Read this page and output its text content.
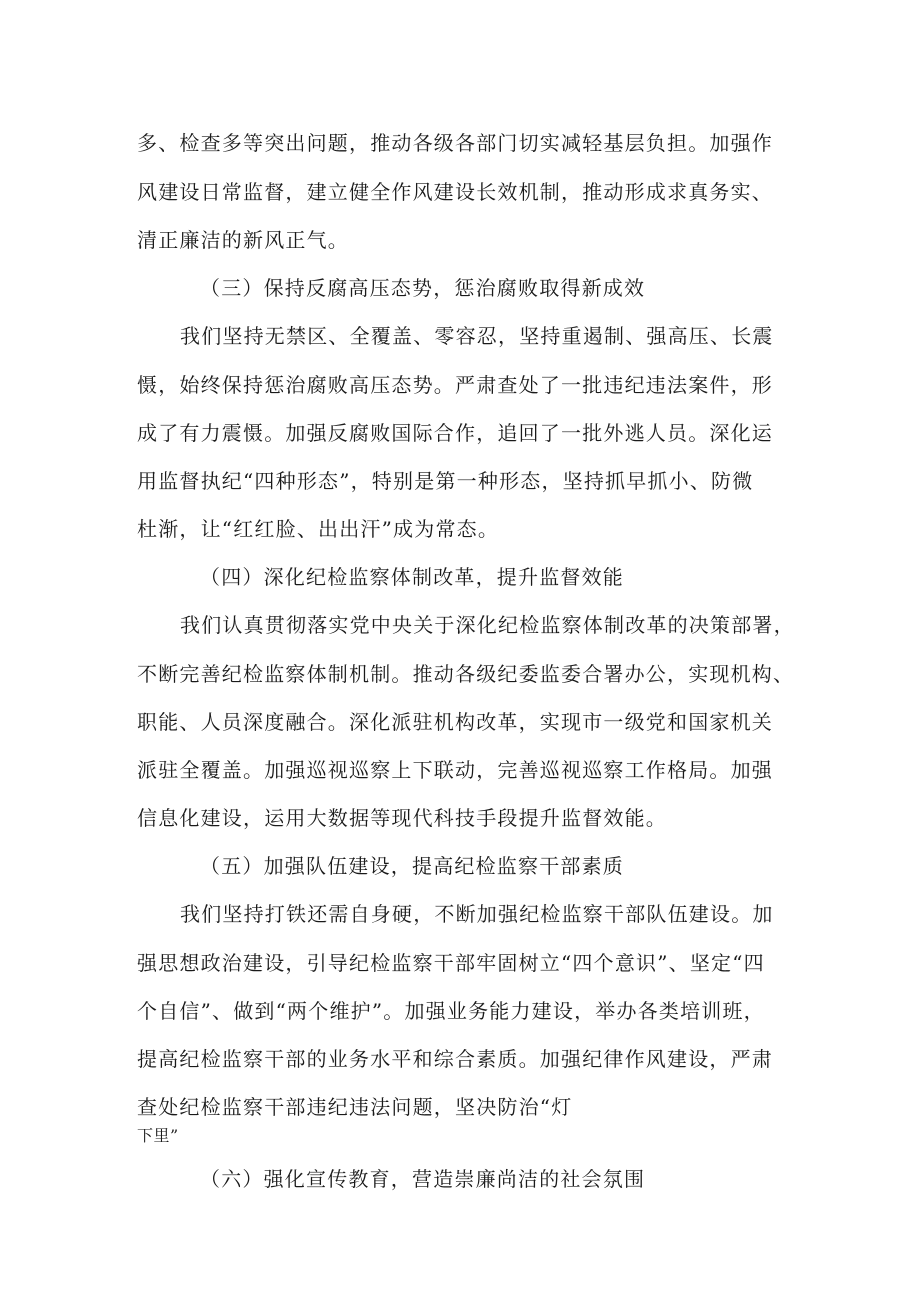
多、检查多等突出问题，推动各级各部门切实减轻基层负担。加强作
风建设日常监督，建立健全作风建设长效机制，推动形成求真务实、
清正廉洁的新风正气。
（三）保持反腐高压态势，惩治腐败取得新成效
我们坚持无禁区、全覆盖、零容忍，坚持重遏制、强高压、长震
慑，始终保持惩治腐败高压态势。严肃查处了一批违纪违法案件，形
成了有力震慑。加强反腐败国际合作，追回了一批外逃人员。深化运
用监督执纪“四种形态”，特别是第一种形态，坚持抓早抓小、防微
杜渐，让“红红脸、出出汗”成为常态。
（四）深化纪检监察体制改革，提升监督效能
我们认真贯彻落实党中央关于深化纪检监察体制改革的决策部署，
不断完善纪检监察体制机制。推动各级纪委监委合署办公，实现机构、
职能、人员深度融合。深化派驻机构改革，实现市一级党和国家机关
派驻全覆盖。加强巡视巡察上下联动，完善巡视巡察工作格局。加强
信息化建设，运用大数据等现代科技手段提升监督效能。
（五）加强队伍建设，提高纪检监察干部素质
我们坚持打铁还需自身硬，不断加强纪检监察干部队伍建设。加
强思想政治建设，引导纪检监察干部牢固树立“四个意识”、坚定“四
个自信”、做到“两个维护”。加强业务能力建设，举办各类培训班，
提高纪检监察干部的业务水平和综合素质。加强纪律作风建设，严肃
查处纪检监察干部违纪违法问题，坚决防治“灯
下里”
（六）强化宣传教育，营造崇廉尚洁的社会氛围
